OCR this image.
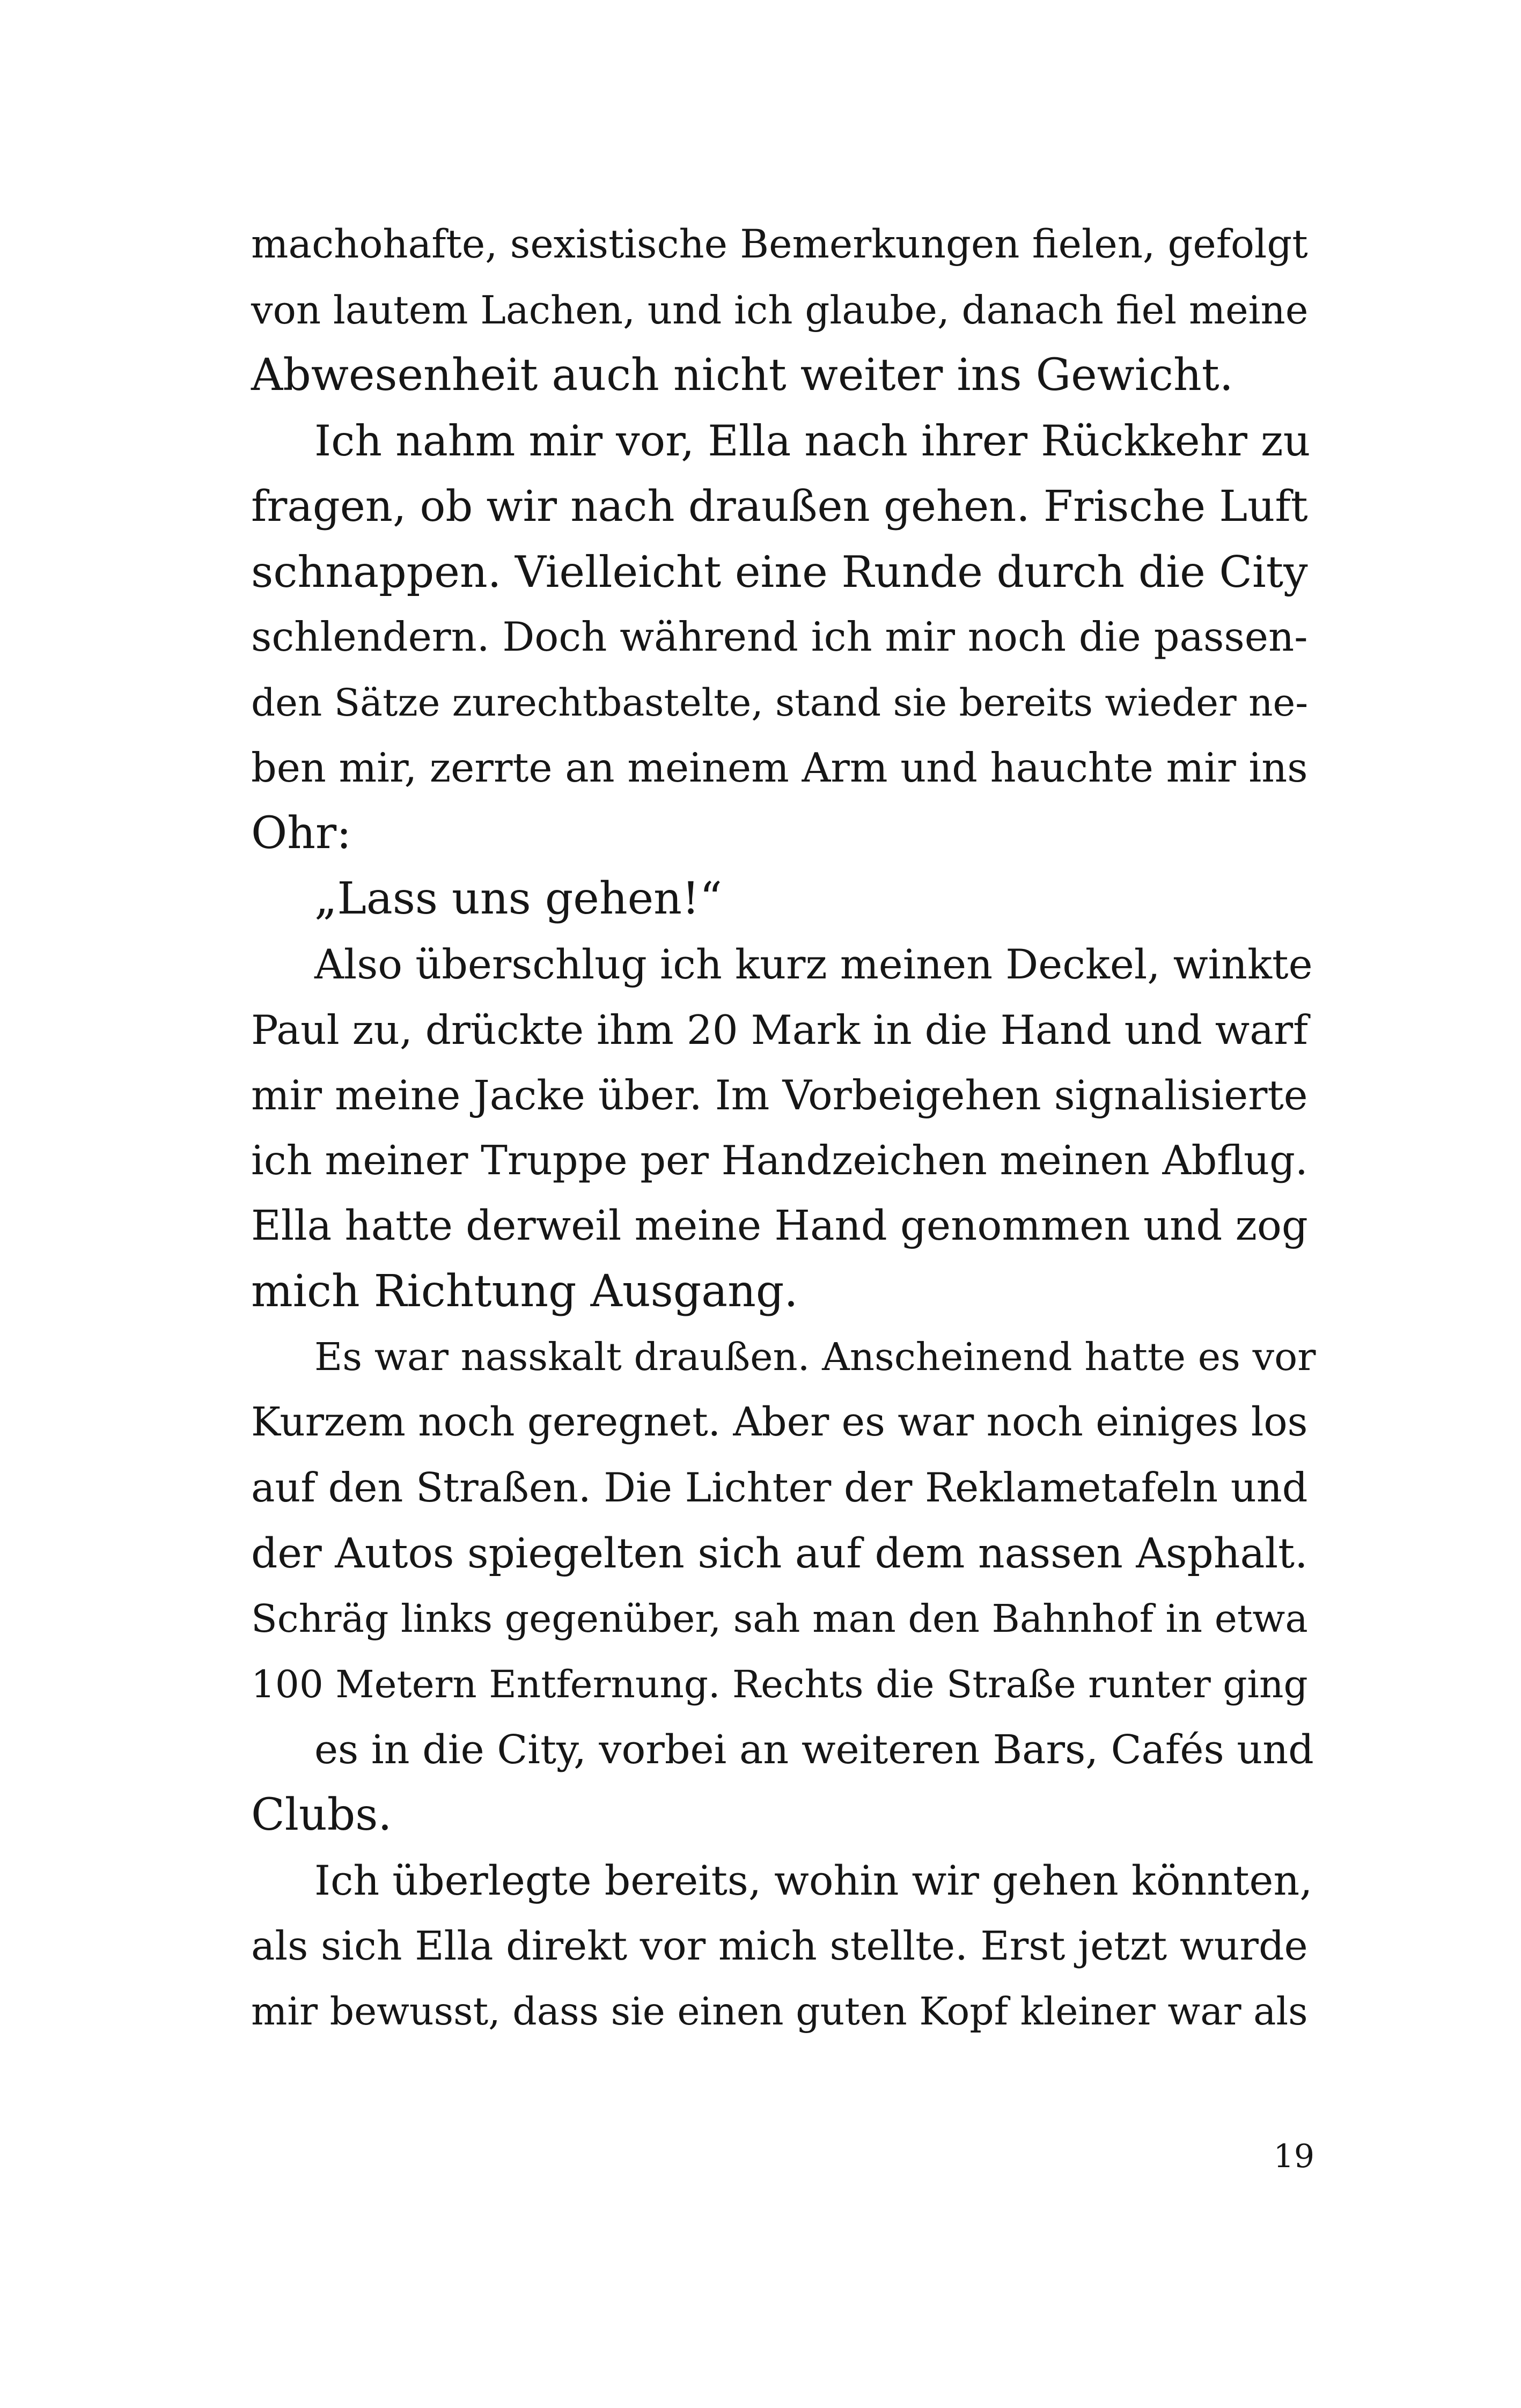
machohafte, sexistische Bemerkungen fielen, gefolgt
von lautem Lachen, und ich glaube, danach fiel meine
Abwesenheit auch nicht weiter ins Gewicht.
Ich nahm mir vor, Ella nach ihrer Rückkehr zu
fragen, ob wir nach draußen gehen. Frische Luft
schnappen. Vielleicht eine Runde durch die City
schlendern. Doch während ich mir noch die passen-
den Sätze zurechtbastelte, stand sie bereits wieder ne-
ben mir, zerrte an meinem Arm und hauchte mir ins
Ohr:
„Lass uns gehen!“
Also überschlug ich kurz meinen Deckel, winkte
Paul zu, drückte ihm 20 Mark in die Hand und warf
mir meine Jacke über. Im Vorbeigehen signalisierte
ich meiner Truppe per Handzeichen meinen Abflug.
Ella hatte derweil meine Hand genommen und zog
mich Richtung Ausgang.
Es war nasskalt draußen. Anscheinend hatte es vor
Kurzem noch geregnet. Aber es war noch einiges los
auf den Straßen. Die Lichter der Reklametafeln und
der Autos spiegelten sich auf dem nassen Asphalt.
Schräg links gegenüber, sah man den Bahnhof in etwa
100 Metern Entfernung. Rechts die Straße runter ging
es in die City, vorbei an weiteren Bars, Cafés und
Clubs.
Ich überlegte bereits, wohin wir gehen könnten,
als sich Ella direkt vor mich stellte. Erst jetzt wurde
mir bewusst, dass sie einen guten Kopf kleiner war als
19
